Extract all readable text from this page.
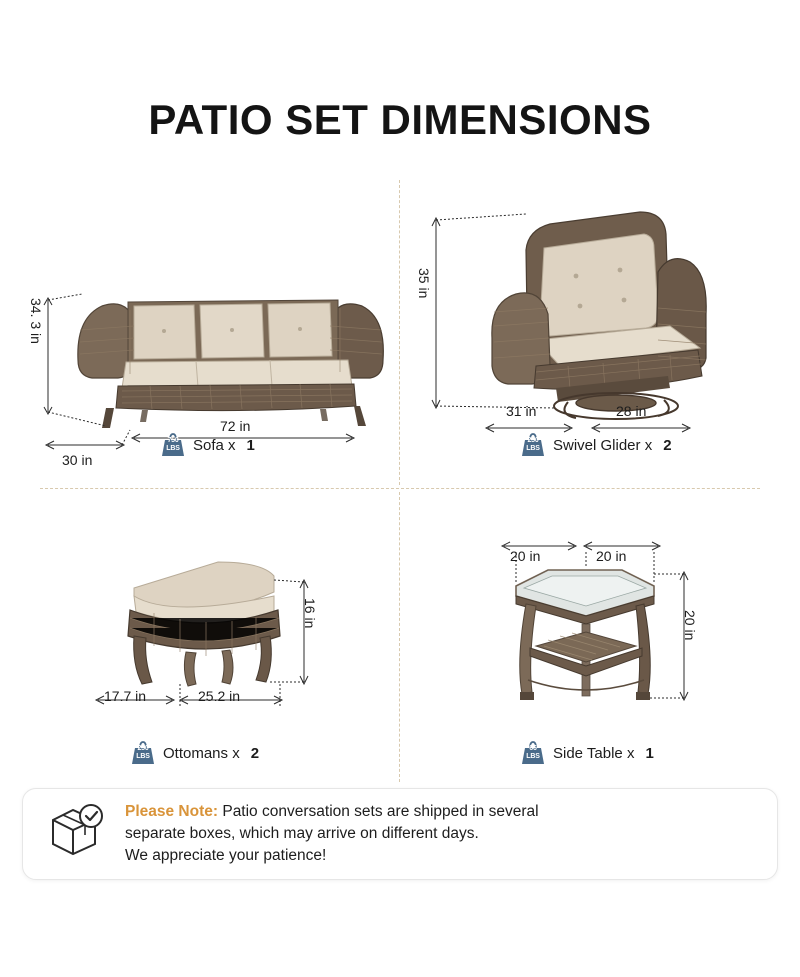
PATIO SET DIMENSIONS
34. 3 in
72 in
30 in
35 in
31 in	28 in
16 in
25.2 in
17.7 in
20 in	20 in
20 in
750
LBS Sofa x 1	250
LBS Swivel Glider x 2
250
LBS Ottomans x 2	66
LBS Side Table x 1
Please Note: Patio conversation sets are shipped in several
separate boxes, which may arrive on different days.
We appreciate your patience!
